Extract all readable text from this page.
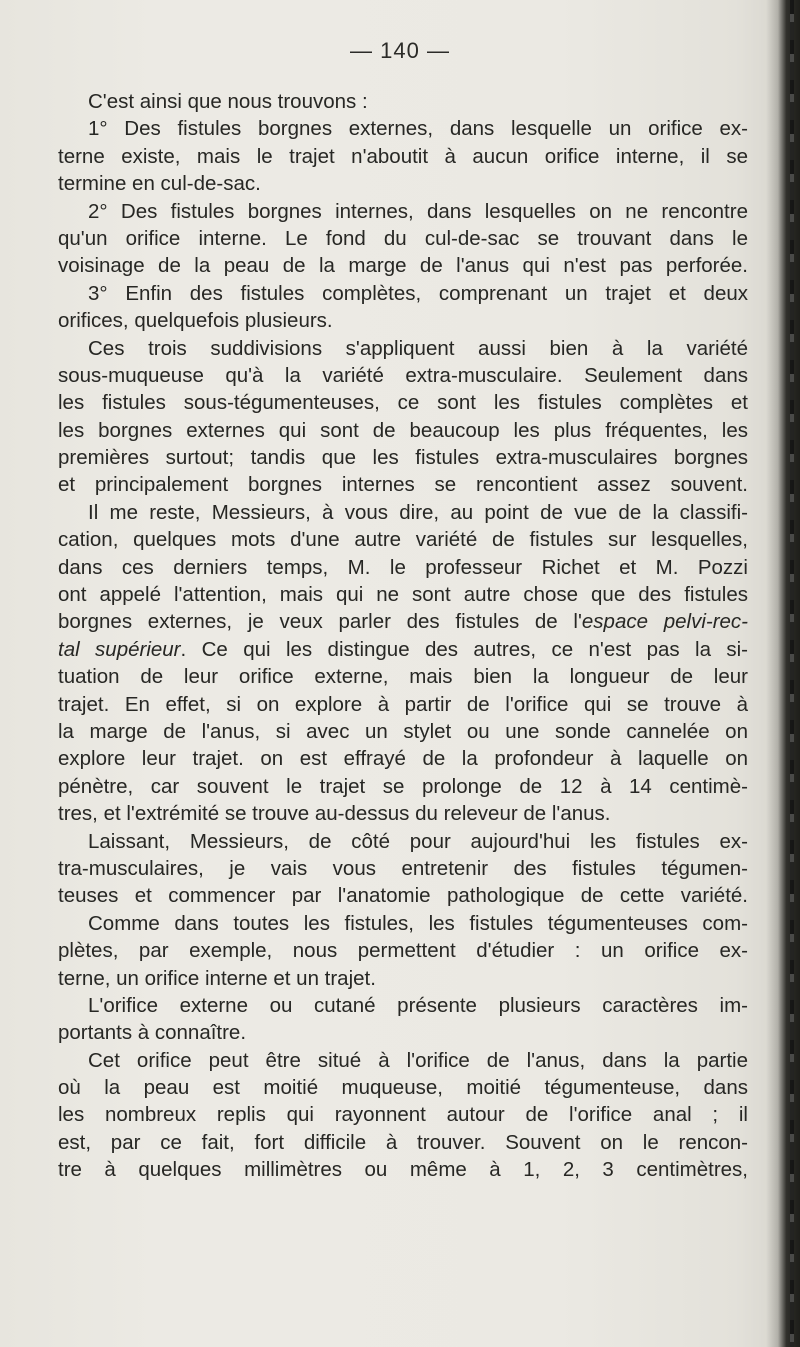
— 140 —
C'est ainsi que nous trouvons :
1° Des fistules borgnes externes, dans lesquelle un orifice ex-
terne existe, mais le trajet n'aboutit à aucun orifice interne, il se
termine en cul-de-sac.
2° Des fistules borgnes internes, dans lesquelles on ne rencontre
qu'un orifice interne. Le fond du cul-de-sac se trouvant dans le
voisinage de la peau de la marge de l'anus qui n'est pas perforée.
3° Enfin des fistules complètes, comprenant un trajet et deux
orifices, quelquefois plusieurs.
Ces trois suddivisions s'appliquent aussi bien à la variété
sous-muqueuse qu'à la variété extra-musculaire. Seulement dans
les fistules sous-tégumenteuses, ce sont les fistules complètes et
les borgnes externes qui sont de beaucoup les plus fréquentes, les
premières surtout; tandis que les fistules extra-musculaires borgnes
et principalement borgnes internes se rencontient assez souvent.
Il me reste, Messieurs, à vous dire, au point de vue de la classifi-
cation, quelques mots d'une autre variété de fistules sur lesquelles,
dans ces derniers temps, M. le professeur Richet et M. Pozzi
ont appelé l'attention, mais qui ne sont autre chose que des fistules
borgnes externes, je veux parler des fistules de l'espace pelvi-rec-
tal supérieur. Ce qui les distingue des autres, ce n'est pas la si-
tuation de leur orifice externe, mais bien la longueur de leur
trajet. En effet, si on explore à partir de l'orifice qui se trouve à
la marge de l'anus, si avec un stylet ou une sonde cannelée on
explore leur trajet. on est effrayé de la profondeur à laquelle on
pénètre, car souvent le trajet se prolonge de 12 à 14 centimè-
tres, et l'extrémité se trouve au-dessus du releveur de l'anus.
Laissant, Messieurs, de côté pour aujourd'hui les fistules ex-
tra-musculaires, je vais vous entretenir des fistules tégumen-
teuses et commencer par l'anatomie pathologique de cette variété.
Comme dans toutes les fistules, les fistules tégumenteuses com-
plètes, par exemple, nous permettent d'étudier : un orifice ex-
terne, un orifice interne et un trajet.
L'orifice externe ou cutané présente plusieurs caractères im-
portants à connaître.
Cet orifice peut être situé à l'orifice de l'anus, dans la partie
où la peau est moitié muqueuse, moitié tégumenteuse, dans
les nombreux replis qui rayonnent autour de l'orifice anal ; il
est, par ce fait, fort difficile à trouver. Souvent on le rencon-
tre à quelques millimètres ou même à 1, 2, 3 centimètres,
